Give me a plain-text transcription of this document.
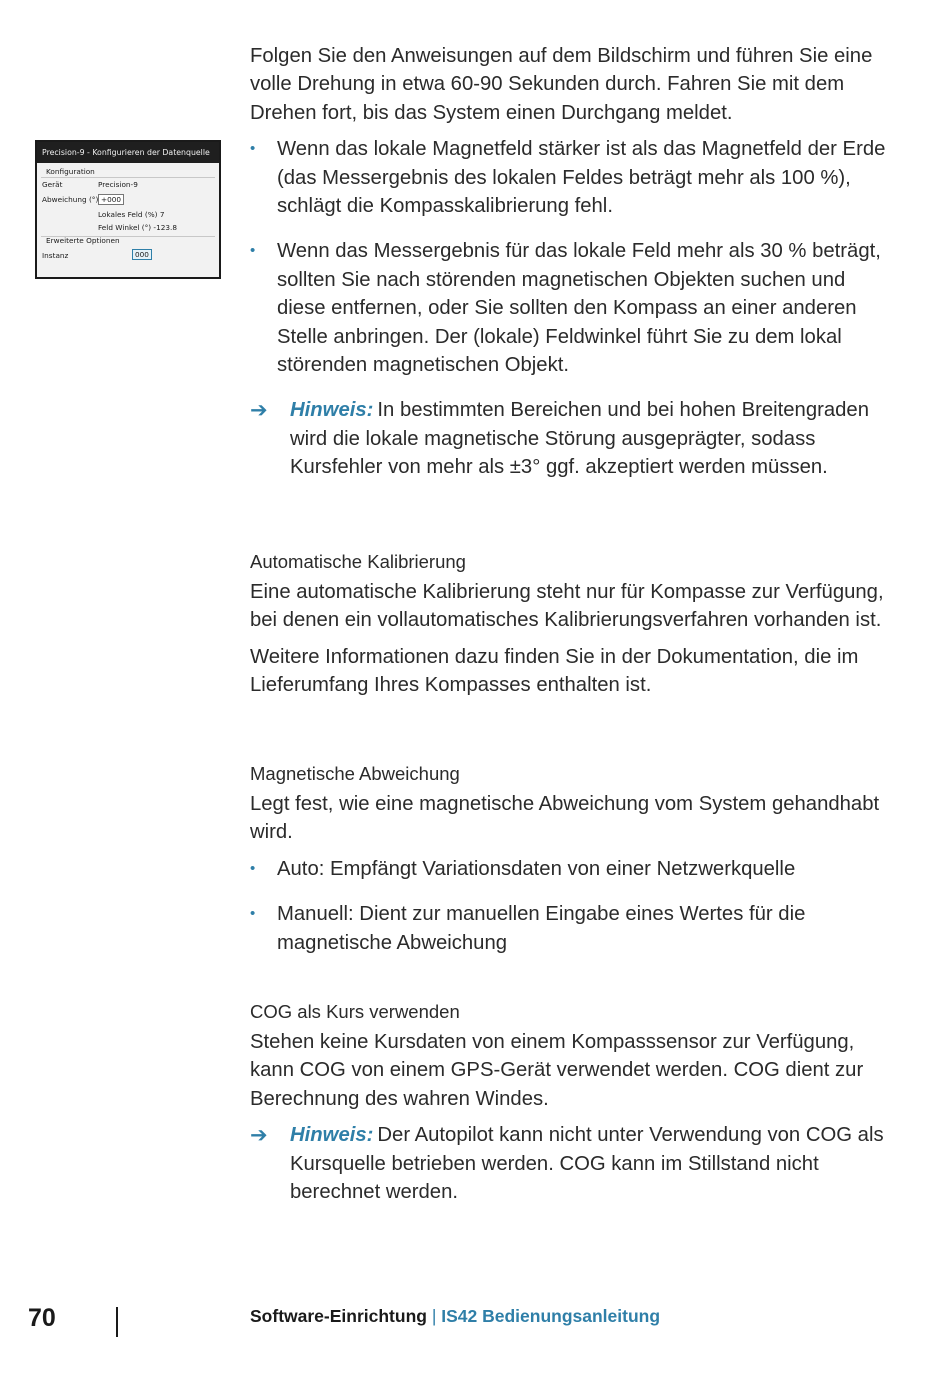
Precision-9 - Konfigurieren der Datenquelle
Konfiguration
Gerät	Precision-9
Abweichung (°) +000
Lokales Feld (%) 7
Feld Winkel (°) -123.8
Erweiterte Optionen
Instanz	000

Folgen Sie den Anweisungen auf dem Bildschirm und führen Sie eine volle Drehung in etwa 60-90 Sekunden durch. Fahren Sie mit dem Drehen fort, bis das System einen Durchgang meldet.

• Wenn das lokale Magnetfeld stärker ist als das Magnetfeld der Erde (das Messergebnis des lokalen Feldes beträgt mehr als 100 %), schlägt die Kompasskalibrierung fehl.
• Wenn das Messergebnis für das lokale Feld mehr als 30 % beträgt, sollten Sie nach störenden magnetischen Objekten suchen und diese entfernen, oder Sie sollten den Kompass an einer anderen Stelle anbringen. Der (lokale) Feldwinkel führt Sie zu dem lokal störenden magnetischen Objekt.
➔ Hinweis: In bestimmten Bereichen und bei hohen Breitengraden wird die lokale magnetische Störung ausgeprägter, sodass Kursfehler von mehr als ±3° ggf. akzeptiert werden müssen.
Automatische Kalibrierung

Eine automatische Kalibrierung steht nur für Kompasse zur Verfügung, bei denen ein vollautomatisches Kalibrierungsverfahren vorhanden ist.

Weitere Informationen dazu finden Sie in der Dokumentation, die im Lieferumfang Ihres Kompasses enthalten ist.

Magnetische Abweichung

Legt fest, wie eine magnetische Abweichung vom System gehandhabt wird.

• Auto: Empfängt Variationsdaten von einer Netzwerkquelle
• Manuell: Dient zur manuellen Eingabe eines Wertes für die magnetische Abweichung
COG als Kurs verwenden

Stehen keine Kursdaten von einem Kompasssensor zur Verfügung, kann COG von einem GPS-Gerät verwendet werden. COG dient zur Berechnung des wahren Windes.

➔ Hinweis: Der Autopilot kann nicht unter Verwendung von COG als Kursquelle betrieben werden. COG kann im Stillstand nicht berechnet werden.
70	Software-Einrichtung | IS42 Bedienungsanleitung
